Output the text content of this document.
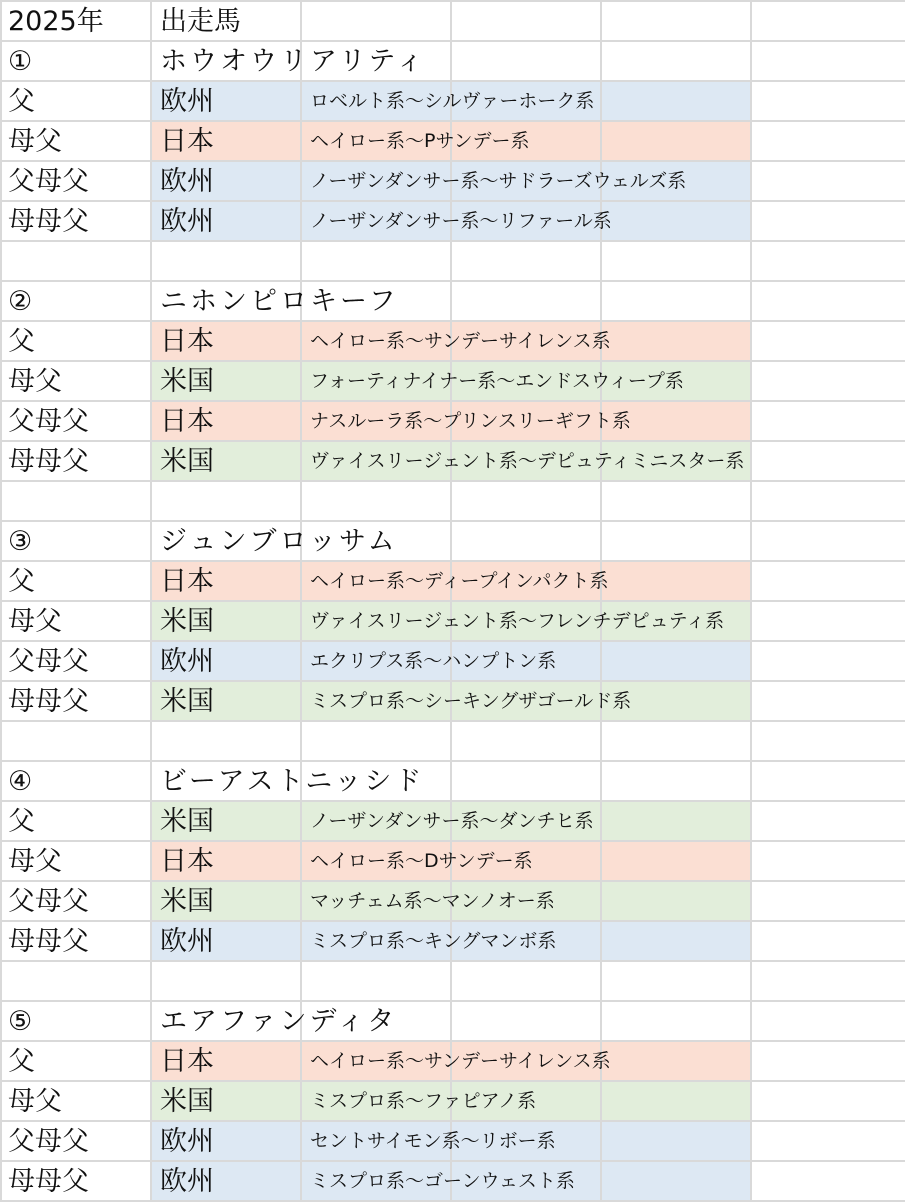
2025年 出走馬
①	ホウオウリアリティ
父	欧州	ロベルト系〜シルヴァーホーク系
母父	日本	ヘイロー系〜Pサンデー系
父母父	欧州	ノーザンダンサー系〜サドラーズウェルズ系
母母父	欧州	ノーザンダンサー系〜リファール系
②	ニホンピロキーフ
父	日本	ヘイロー系〜サンデーサイレンス系
母父	米国	フォーティナイナー系〜エンドスウィープ系
父母父	日本	ナスルーラ系〜プリンスリーギフト系
母母父	米国	ヴァイスリージェント系〜デピュティミニスター系
③	ジュンブロッサム
父	日本	ヘイロー系〜ディープインパクト系
母父	米国	ヴァイスリージェント系〜フレンチデピュティ系
父母父	欧州	エクリプス系〜ハンプトン系
母母父	米国	ミスプロ系〜シーキングザゴールド系
④	ビーアストニッシド
父	米国	ノーザンダンサー系〜ダンチヒ系
母父	日本	ヘイロー系〜Dサンデー系
父母父	米国	マッチェム系〜マンノオー系
母母父	欧州	ミスプロ系〜キングマンボ系
⑤	エアファンディタ
父	日本	ヘイロー系〜サンデーサイレンス系
母父	米国	ミスプロ系〜ファピアノ系
父母父	欧州	セントサイモン系〜リボー系
母母父	欧州	ミスプロ系〜ゴーンウェスト系
